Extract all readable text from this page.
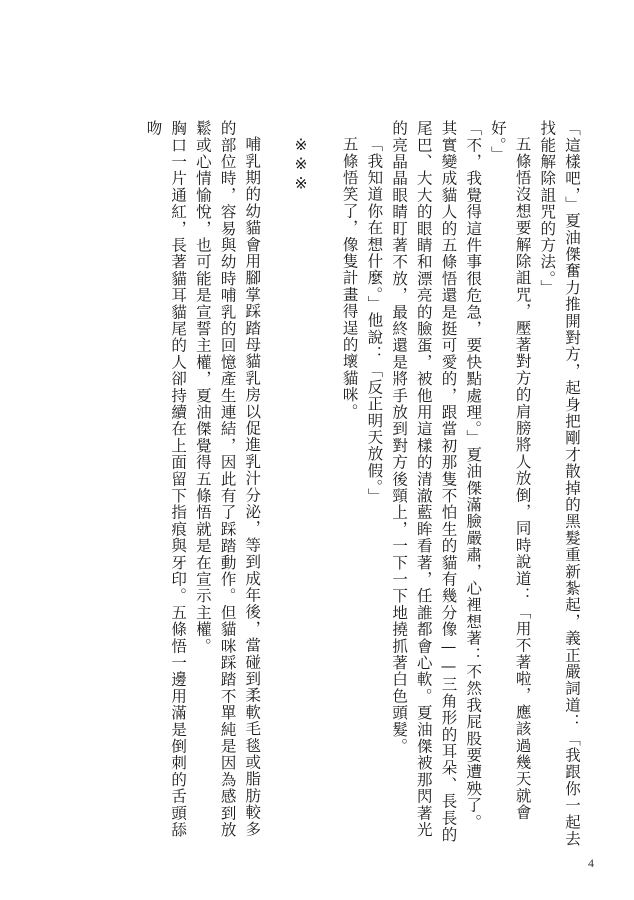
「這樣吧，」夏油傑奮力推開對方，起身把剛才散掉的黑髮重新紮起，義正嚴詞道：「我跟你一起去找能解除詛咒的方法。」

五條悟沒想要解除詛咒，壓著對方的肩膀將人放倒，同時說道：「用不著啦，應該過幾天就會好。」

「不，我覺得這件事很危急，要快點處理。」夏油傑滿臉嚴肅，心裡想著：不然我屁股要遭殃了。

其實變成貓人的五條悟還是挺可愛的，跟當初那隻不怕生的貓有幾分像——三角形的耳朵、長長的尾巴、大大的眼睛和漂亮的臉蛋，被他用這樣的清澈藍眸看著，任誰都會心軟。夏油傑被那閃著光的亮晶晶眼睛盯著不放，最終還是將手放到對方後頸上，一下一下地撓抓著白色頭髮。

「我知道你在想什麼。」他說：「反正明天放假。」

五條悟笑了，像隻計畫得逞的壞貓咪。

※※※

哺乳期的幼貓會用腳掌踩踏母貓乳房以促進乳汁分泌，等到成年後，當碰到柔軟毛毯或脂肪較多的部位時，容易與幼時哺乳的回憶產生連結，因此有了踩踏動作。但貓咪踩踏不單純是因為感到放鬆或心情愉悅，也可能是宣誓主權，夏油傑覺得五條悟就是在宣示主權。

胸口一片通紅，長著貓耳貓尾的人卻持續在上面留下指痕與牙印。五條悟一邊用滿是倒刺的舌頭舔吻

4
